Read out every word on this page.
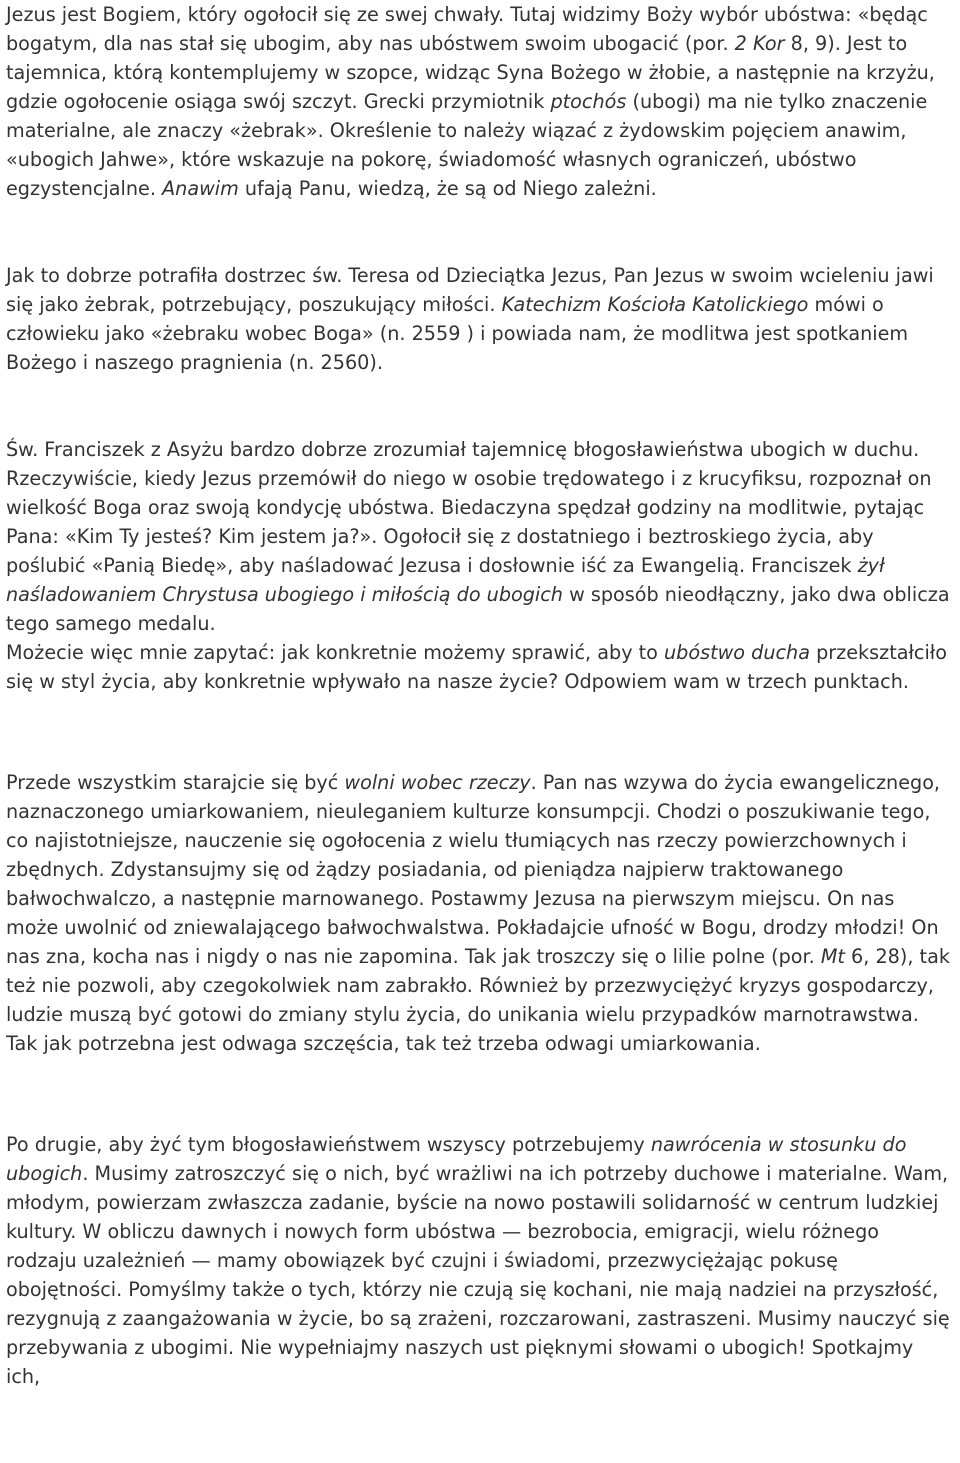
Jezus jest Bogiem, który ogołocił się ze swej chwały. Tutaj widzimy Boży wybór ubóstwa: «będąc bogatym, dla nas stał się ubogim, aby nas ubóstwem swoim ubogacić (por. 2 Kor 8, 9). Jest to tajemnica, którą kontemplujemy w szopce, widząc Syna Bożego w żłobie, a następnie na krzyżu, gdzie ogołocenie osiąga swój szczyt. Grecki przymiotnik ptochós (ubogi) ma nie tylko znaczenie materialne, ale znaczy «żebrak». Określenie to należy wiązać z żydowskim pojęciem anawim, «ubogich Jahwe», które wskazuje na pokorę, świadomość własnych ograniczeń, ubóstwo egzystencjalne. Anawim ufają Panu, wiedzą, że są od Niego zależni.

Jak to dobrze potrafiła dostrzec św. Teresa od Dzieciątka Jezus, Pan Jezus w swoim wcieleniu jawi się jako żebrak, potrzebujący, poszukujący miłości. Katechizm Kościoła Katolickiego mówi o człowieku jako «żebraku wobec Boga» (n. 2559 ) i powiada nam, że modlitwa jest spotkaniem Bożego i naszego pragnienia (n. 2560).

Św. Franciszek z Asyżu bardzo dobrze zrozumiał tajemnicę błogosławieństwa ubogich w duchu. Rzeczywiście, kiedy Jezus przemówił do niego w osobie trędowatego i z krucyfiksu, rozpoznał on wielkość Boga oraz swoją kondycję ubóstwa. Biedaczyna spędzał godziny na modlitwie, pytając Pana: «Kim Ty jesteś? Kim jestem ja?». Ogołocił się z dostatniego i beztroskiego życia, aby poślubić «Panią Biedę», aby naśladować Jezusa i dosłownie iść za Ewangelią. Franciszek żył naśladowaniem Chrystusa ubogiego i miłością do ubogich w sposób nieodłączny, jako dwa oblicza tego samego medalu.

Możecie więc mnie zapytać: jak konkretnie możemy sprawić, aby to ubóstwo ducha przekształciło się w styl życia, aby konkretnie wpływało na nasze życie? Odpowiem wam w trzech punktach.

Przede wszystkim starajcie się być wolni wobec rzeczy. Pan nas wzywa do życia ewangelicznego, naznaczonego umiarkowaniem, nieuleganiem kulturze konsumpcji. Chodzi o poszukiwanie tego, co najistotniejsze, nauczenie się ogołocenia z wielu tłumiących nas rzeczy powierzchownych i zbędnych. Zdystansujmy się od żądzy posiadania, od pieniądza najpierw traktowanego bałwochwalczo, a następnie marnowanego. Postawmy Jezusa na pierwszym miejscu. On nas może uwolnić od zniewalającego bałwochwalstwa. Pokładajcie ufność w Bogu, drodzy młodzi! On nas zna, kocha nas i nigdy o nas nie zapomina. Tak jak troszczy się o lilie polne (por. Mt 6, 28), tak też nie pozwoli, aby czegokolwiek nam zabrakło. Również by przezwyciężyć kryzys gospodarczy, ludzie muszą być gotowi do zmiany stylu życia, do unikania wielu przypadków marnotrawstwa. Tak jak potrzebna jest odwaga szczęścia, tak też trzeba odwagi umiarkowania.

Po drugie, aby żyć tym błogosławieństwem wszyscy potrzebujemy nawrócenia w stosunku do ubogich. Musimy zatroszczyć się o nich, być wrażliwi na ich potrzeby duchowe i materialne. Wam, młodym, powierzam zwłaszcza zadanie, byście na nowo postawili solidarność w centrum ludzkiej kultury. W obliczu dawnych i nowych form ubóstwa — bezrobocia, emigracji, wielu różnego rodzaju uzależnień — mamy obowiązek być czujni i świadomi, przezwyciężając pokusę obojętności. Pomyślmy także o tych, którzy nie czują się kochani, nie mają nadziei na przyszłość, rezygnują z zaangażowania w życie, bo są zrażeni, rozczarowani, zastraszeni. Musimy nauczyć się przebywania z ubogimi. Nie wypełniajmy naszych ust pięknymi słowami o ubogich! Spotkajmy ich,
